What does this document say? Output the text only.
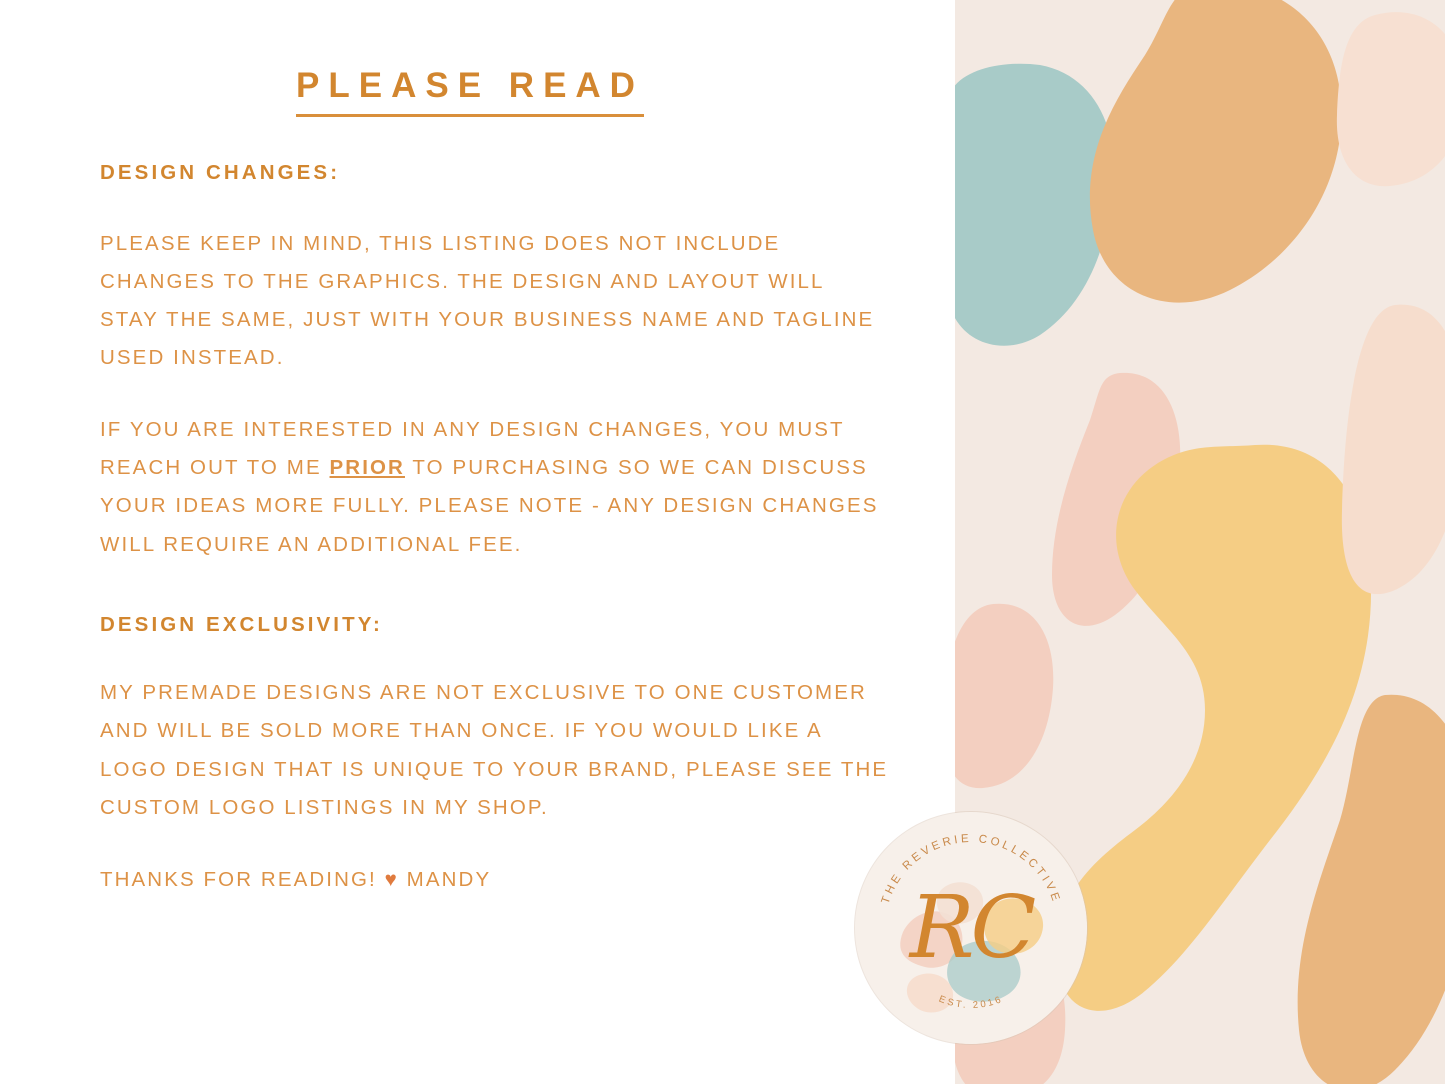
PLEASE READ

DESIGN CHANGES:

PLEASE KEEP IN MIND, THIS LISTING DOES NOT INCLUDE CHANGES TO THE GRAPHICS. THE DESIGN AND LAYOUT WILL STAY THE SAME, JUST WITH YOUR BUSINESS NAME AND TAGLINE USED INSTEAD.

IF YOU ARE INTERESTED IN ANY DESIGN CHANGES, YOU MUST REACH OUT TO ME PRIOR TO PURCHASING SO WE CAN DISCUSS YOUR IDEAS MORE FULLY. PLEASE NOTE - ANY DESIGN CHANGES WILL REQUIRE AN ADDITIONAL FEE.

DESIGN EXCLUSIVITY:

MY PREMADE DESIGNS ARE NOT EXCLUSIVE TO ONE CUSTOMER AND WILL BE SOLD MORE THAN ONCE. IF YOU WOULD LIKE A LOGO DESIGN THAT IS UNIQUE TO YOUR BRAND, PLEASE SEE THE CUSTOM LOGO LISTINGS IN MY SHOP.

THANKS FOR READING! ♥ MANDY

THE REVERIE COLLECTIVE
EST. 2016
RC
